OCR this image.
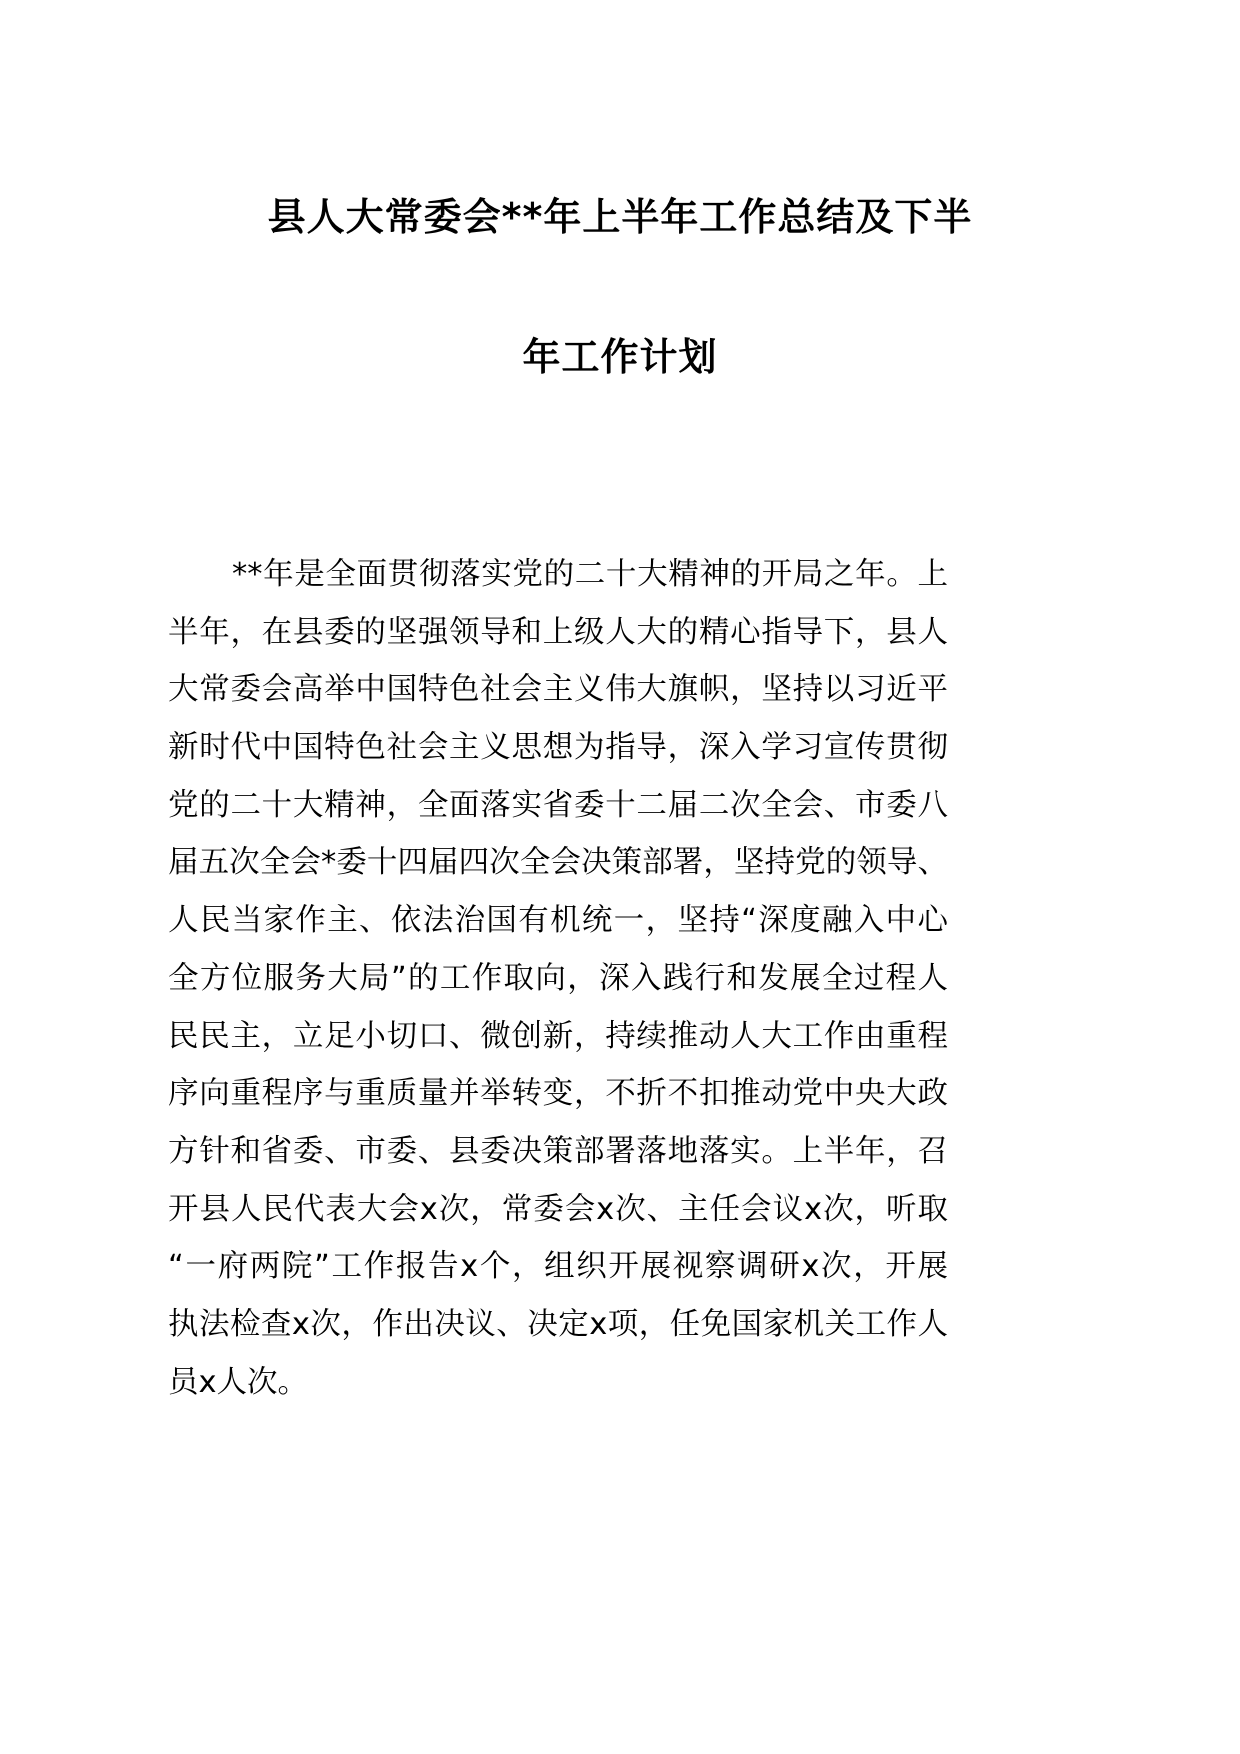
县人大常委会**年上半年工作总结及下半
年工作计划
**年是全面贯彻落实党的二十大精神的开局之年。上
半年，在县委的坚强领导和上级人大的精心指导下，县人
大常委会高举中国特色社会主义伟大旗帜，坚持以习近平
新时代中国特色社会主义思想为指导，深入学习宣传贯彻
党的二十大精神，全面落实省委十二届二次全会、市委八
届五次全会*委十四届四次全会决策部署，坚持党的领导、
人民当家作主、依法治国有机统一，坚持“深度融入中心
全方位服务大局”的工作取向，深入践行和发展全过程人
民民主，立足小切口、微创新，持续推动人大工作由重程
序向重程序与重质量并举转变，不折不扣推动党中央大政
方针和省委、市委、县委决策部署落地落实。上半年，召
开县人民代表大会x次，常委会x次、主任会议x次，听取
“一府两院”工作报告x个，组织开展视察调研x次，开展
执法检查x次，作出决议、决定x项，任免国家机关工作人
员x人次。
